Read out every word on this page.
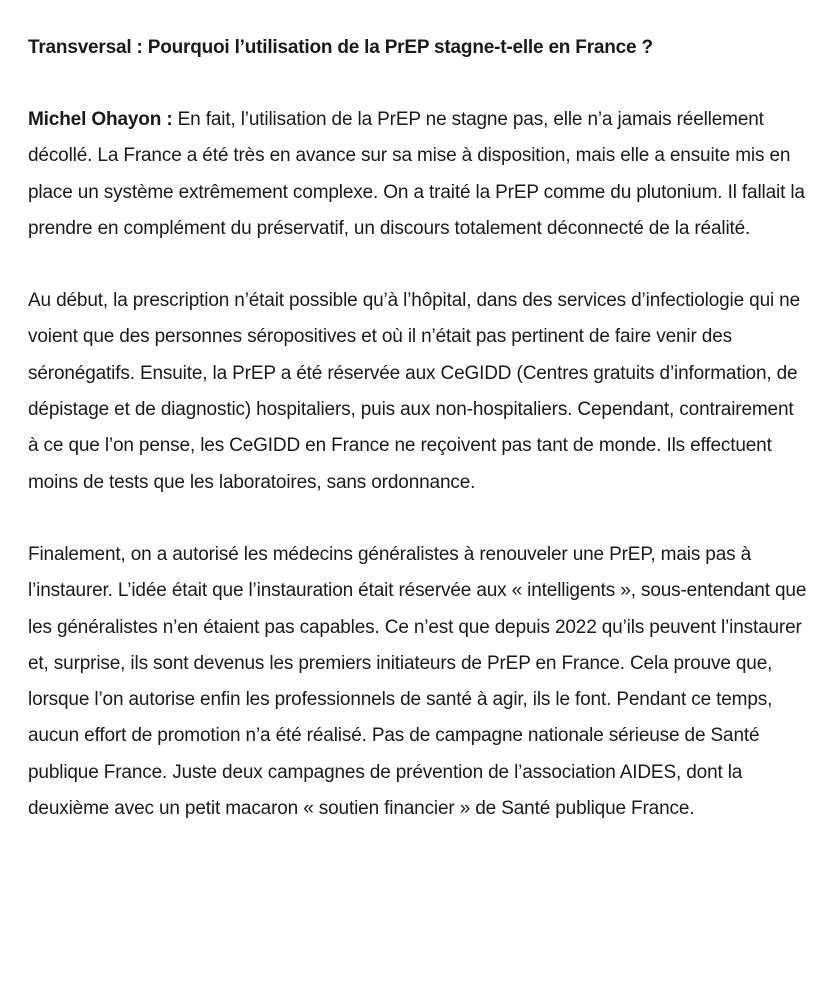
Transversal : Pourquoi l’utilisation de la PrEP stagne-t-elle en France ?

Michel Ohayon : En fait, l’utilisation de la PrEP ne stagne pas, elle n’a jamais réellement décollé. La France a été très en avance sur sa mise à disposition, mais elle a ensuite mis en place un système extrêmement complexe. On a traité la PrEP comme du plutonium. Il fallait la prendre en complément du préservatif, un discours totalement déconnecté de la réalité.

Au début, la prescription n’était possible qu’à l’hôpital, dans des services d’infectiologie qui ne voient que des personnes séropositives et où il n’était pas pertinent de faire venir des séronégatifs. Ensuite, la PrEP a été réservée aux CeGIDD (Centres gratuits d’information, de dépistage et de diagnostic) hospitaliers, puis aux non-hospitaliers. Cependant, contrairement à ce que l’on pense, les CeGIDD en France ne reçoivent pas tant de monde. Ils effectuent moins de tests que les laboratoires, sans ordonnance.

Finalement, on a autorisé les médecins généralistes à renouveler une PrEP, mais pas à l’instaurer. L’idée était que l’instauration était réservée aux « intelligents », sous-entendant que les généralistes n’en étaient pas capables. Ce n’est que depuis 2022 qu’ils peuvent l’instaurer et, surprise, ils sont devenus les premiers initiateurs de PrEP en France. Cela prouve que, lorsque l’on autorise enfin les professionnels de santé à agir, ils le font. Pendant ce temps, aucun effort de promotion n’a été réalisé. Pas de campagne nationale sérieuse de Santé publique France. Juste deux campagnes de prévention de l’association AIDES, dont la deuxième avec un petit macaron « soutien financier » de Santé publique France.
